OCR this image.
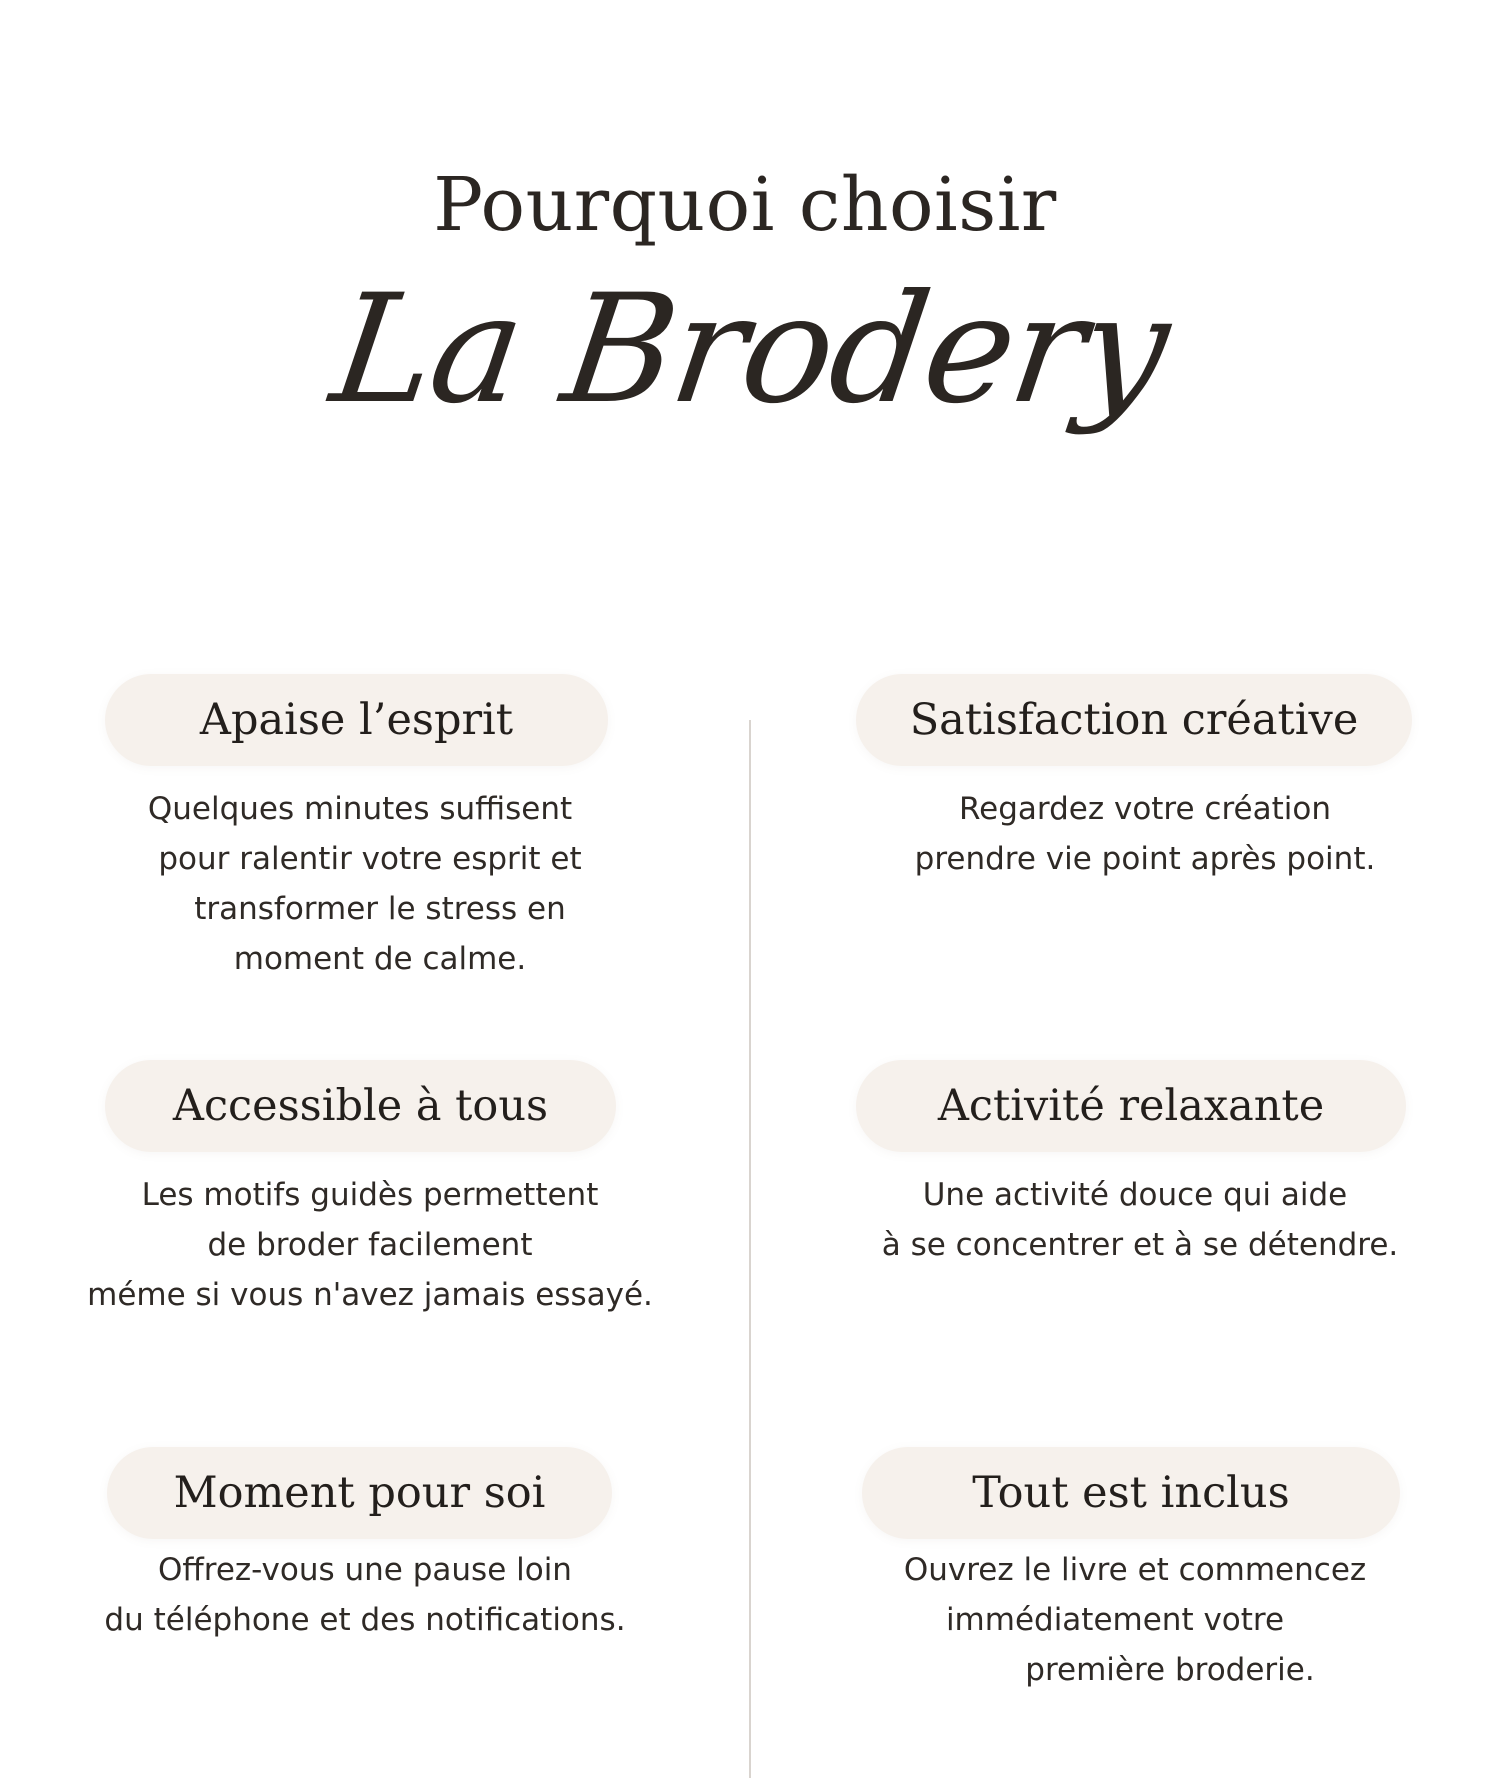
Pourquoi choisir
La Brodery
Apaise l’esprit
Quelques minutes suffisent
pour ralentir votre esprit et
transformer le stress en
moment de calme.
Satisfaction créative
Regardez votre création
prendre vie point après point.
Accessible à tous
Les motifs guidès permettent
de broder facilement
méme si vous n'avez jamais essayé.
Activité relaxante
Une activité douce qui aide
à se concentrer et à se détendre.
Moment pour soi
Offrez-vous une pause loin
du téléphone et des notifications.
Tout est inclus
Ouvrez le livre et commencez
immédiatement votre
première broderie.
